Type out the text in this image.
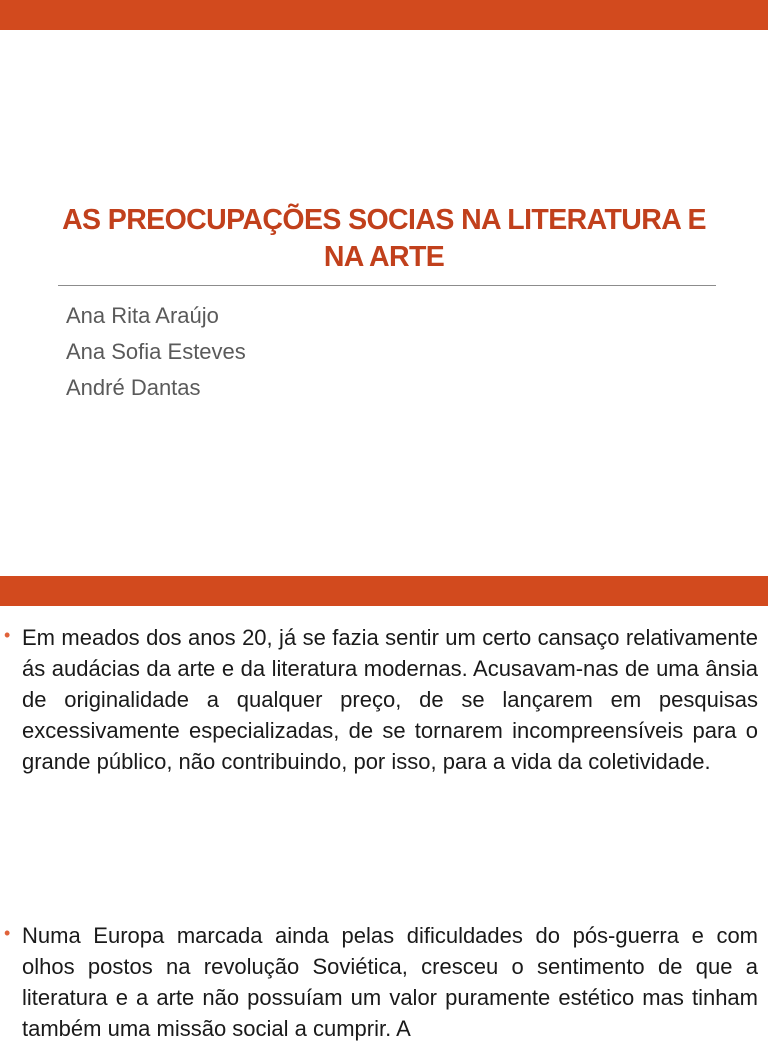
AS PREOCUPAÇÕES SOCIAS NA LITERATURA E NA ARTE
Ana Rita Araújo
Ana Sofia Esteves
André Dantas
• Em meados dos anos 20, já se fazia sentir um certo cansaço relativamente ás audácias da arte e da literatura modernas. Acusavam-nas de uma ânsia de originalidade a qualquer preço, de se lançarem em pesquisas excessivamente especializadas, de se tornarem incompreensíveis para o grande público, não contribuindo, por isso, para a vida da coletividade.
• Numa Europa marcada ainda pelas dificuldades do pós-guerra e com olhos postos na revolução Soviética, cresceu o sentimento de que a literatura e a arte não possuíam um valor puramente estético mas tinham também uma missão social a cumprir. A
